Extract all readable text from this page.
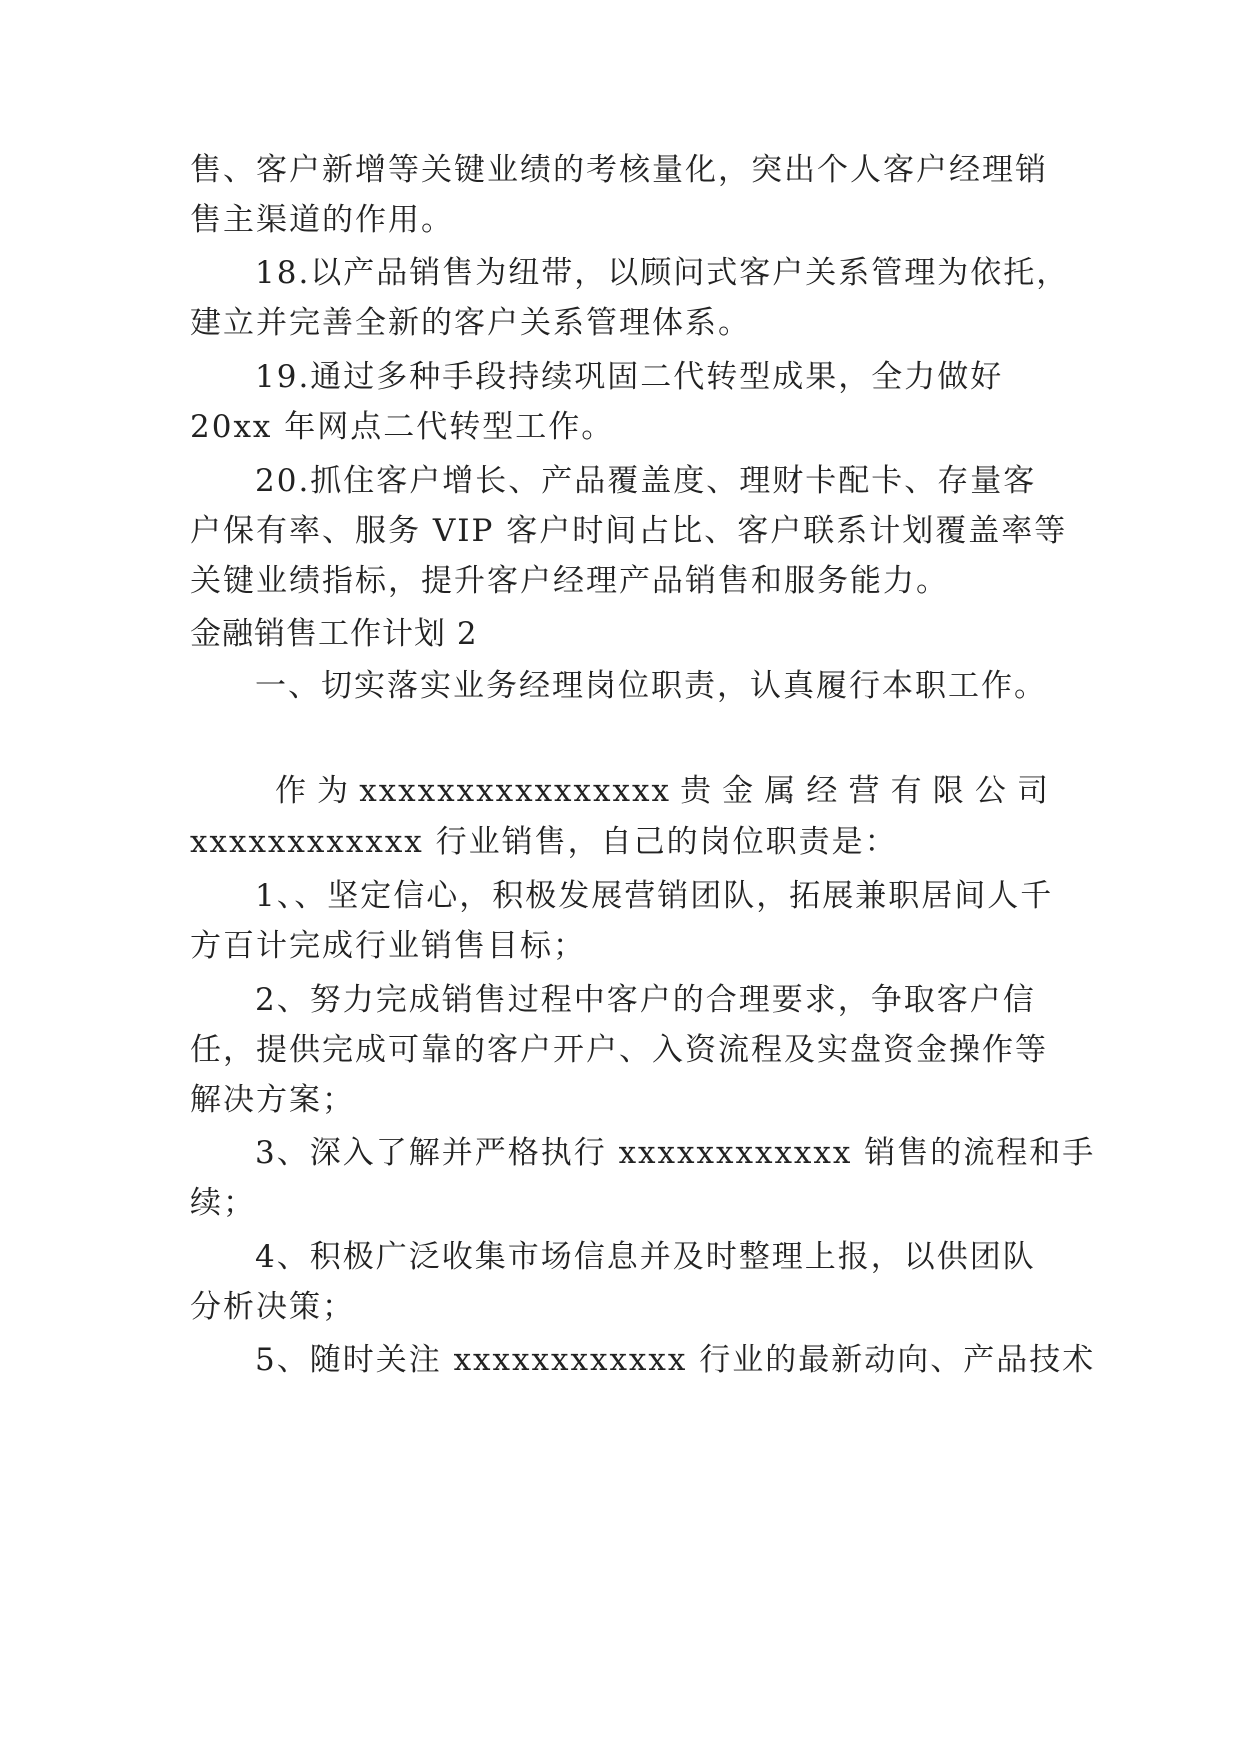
售、客户新增等关键业绩的考核量化，突出个人客户经理销
售主渠道的作用。
18.以产品销售为纽带，以顾问式客户关系管理为依托，
建立并完善全新的客户关系管理体系。
19.通过多种手段持续巩固二代转型成果，全力做好
20xx 年网点二代转型工作。
20.抓住客户增长、产品覆盖度、理财卡配卡、存量客
户保有率、服务 VIP 客户时间占比、客户联系计划覆盖率等
关键业绩指标，提升客户经理产品销售和服务能力。
金融销售工作计划 2
一、切实落实业务经理岗位职责，认真履行本职工作。
作 为 xxxxxxxxxxxxxxxx 贵 金 属 经 营 有 限 公 司
xxxxxxxxxxxx 行业销售，自己的岗位职责是：
1、、坚定信心，积极发展营销团队，拓展兼职居间人千
方百计完成行业销售目标；
2、努力完成销售过程中客户的合理要求，争取客户信
任，提供完成可靠的客户开户、入资流程及实盘资金操作等
解决方案；
3、深入了解并严格执行 xxxxxxxxxxxx 销售的流程和手
续；
4、积极广泛收集市场信息并及时整理上报，以供团队
分析决策；
5、随时关注 xxxxxxxxxxxx 行业的最新动向、产品技术
